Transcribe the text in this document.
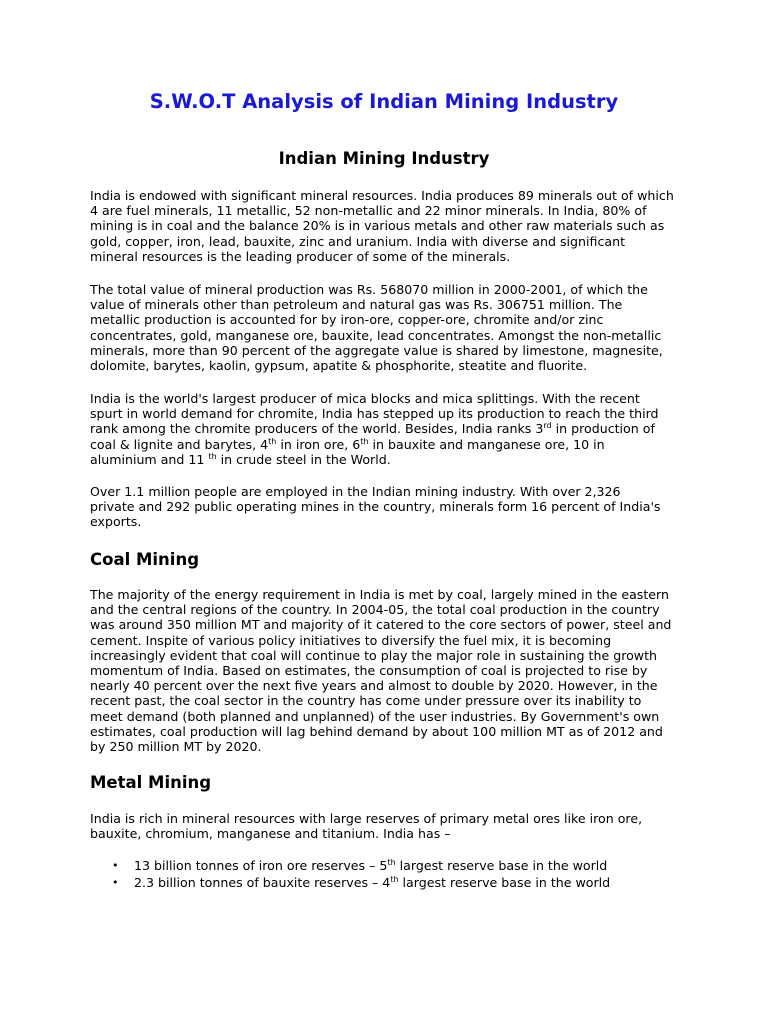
S.W.O.T Analysis of Indian Mining Industry
Indian Mining Industry

India is endowed with significant mineral resources. India produces 89 minerals out of which
4 are fuel minerals, 11 metallic, 52 non-metallic and 22 minor minerals. In India, 80% of
mining is in coal and the balance 20% is in various metals and other raw materials such as
gold, copper, iron, lead, bauxite, zinc and uranium. India with diverse and significant
mineral resources is the leading producer of some of the minerals.

The total value of mineral production was Rs. 568070 million in 2000-2001, of which the
value of minerals other than petroleum and natural gas was Rs. 306751 million. The
metallic production is accounted for by iron-ore, copper-ore, chromite and/or zinc
concentrates, gold, manganese ore, bauxite, lead concentrates. Amongst the non-metallic
minerals, more than 90 percent of the aggregate value is shared by limestone, magnesite,
dolomite, barytes, kaolin, gypsum, apatite & phosphorite, steatite and fluorite.

India is the world's largest producer of mica blocks and mica splittings. With the recent
spurt in world demand for chromite, India has stepped up its production to reach the third
rank among the chromite producers of the world. Besides, India ranks 3rd in production of
coal & lignite and barytes, 4th in iron ore, 6th in bauxite and manganese ore, 10 in
aluminium and 11 $^{th}$ in crude steel in the World.

Over 1.1 million people are employed in the Indian mining industry. With over 2,326
private and 292 public operating mines in the country, minerals form 16 percent of India's
exports.

Coal Mining

The majority of the energy requirement in India is met by coal, largely mined in the eastern
and the central regions of the country. In 2004-05, the total coal production in the country
was around 350 million MT and majority of it catered to the core sectors of power, steel and
cement. Inspite of various policy initiatives to diversify the fuel mix, it is becoming
increasingly evident that coal will continue to play the major role in sustaining the growth
momentum of India. Based on estimates, the consumption of coal is projected to rise by
nearly 40 percent over the next five years and almost to double by 2020. However, in the
recent past, the coal sector in the country has come under pressure over its inability to
meet demand (both planned and unplanned) of the user industries. By Government's own
estimates, coal production will lag behind demand by about 100 million MT as of 2012 and
by 250 million MT by 2020.

Metal Mining

India is rich in mineral resources with large reserves of primary metal ores like iron ore,
bauxite, chromium, manganese and titanium. India has –

• 13 billion tonnes of iron ore reserves – 5th largest reserve base in the world
• 2.3 billion tonnes of bauxite reserves – 4th largest reserve base in the world
